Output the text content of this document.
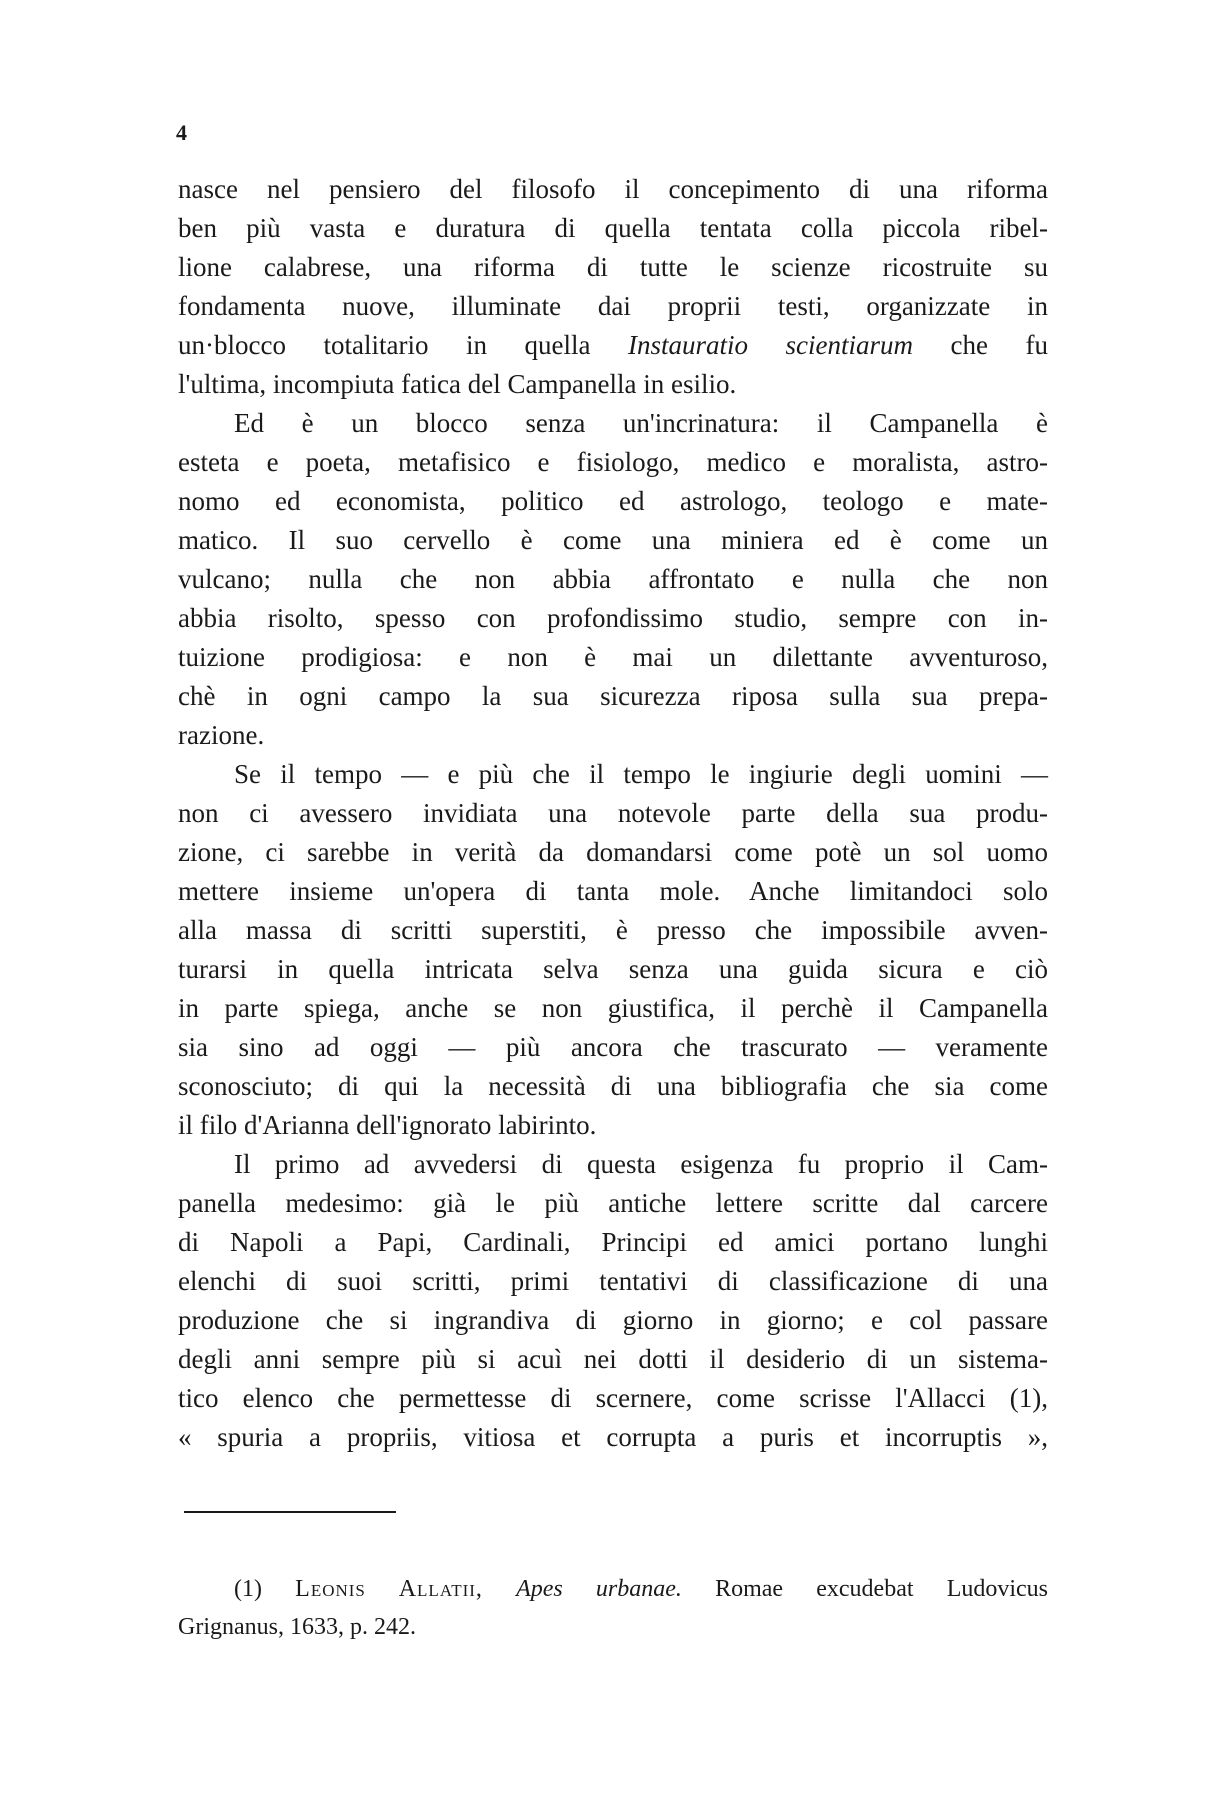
4
nasce nel pensiero del filosofo il concepimento di una riforma
ben più vasta e duratura di quella tentata colla piccola ribel-
lione calabrese, una riforma di tutte le scienze ricostruite su
fondamenta nuove, illuminate dai proprii testi, organizzate in
un·blocco totalitario in quella Instauratio scientiarum che fu
l'ultima, incompiuta fatica del Campanella in esilio.
Ed è un blocco senza un'incrinatura: il Campanella è
esteta e poeta, metafisico e fisiologo, medico e moralista, astro-
nomo ed economista, politico ed astrologo, teologo e mate-
matico. Il suo cervello è come una miniera ed è come un
vulcano; nulla che non abbia affrontato e nulla che non
abbia risolto, spesso con profondissimo studio, sempre con in-
tuizione prodigiosa: e non è mai un dilettante avventuroso,
chè in ogni campo la sua sicurezza riposa sulla sua prepa-
razione.
Se il tempo — e più che il tempo le ingiurie degli uomini —
non ci avessero invidiata una notevole parte della sua produ-
zione, ci sarebbe in verità da domandarsi come potè un sol uomo
mettere insieme un'opera di tanta mole. Anche limitandoci solo
alla massa di scritti superstiti, è presso che impossibile avven-
turarsi in quella intricata selva senza una guida sicura e ciò
in parte spiega, anche se non giustifica, il perchè il Campanella
sia sino ad oggi — più ancora che trascurato — veramente
sconosciuto; di qui la necessità di una bibliografia che sia come
il filo d'Arianna dell'ignorato labirinto.
Il primo ad avvedersi di questa esigenza fu proprio il Cam-
panella medesimo: già le più antiche lettere scritte dal carcere
di Napoli a Papi, Cardinali, Principi ed amici portano lunghi
elenchi di suoi scritti, primi tentativi di classificazione di una
produzione che si ingrandiva di giorno in giorno; e col passare
degli anni sempre più si acuì nei dotti il desiderio di un sistema-
tico elenco che permettesse di scernere, come scrisse l'Allacci (1),
« spuria a propriis, vitiosa et corrupta a puris et incorruptis »,
(1) Leonis Allatii, Apes urbanae. Romae excudebat Ludovicus
Grignanus, 1633, p. 242.
